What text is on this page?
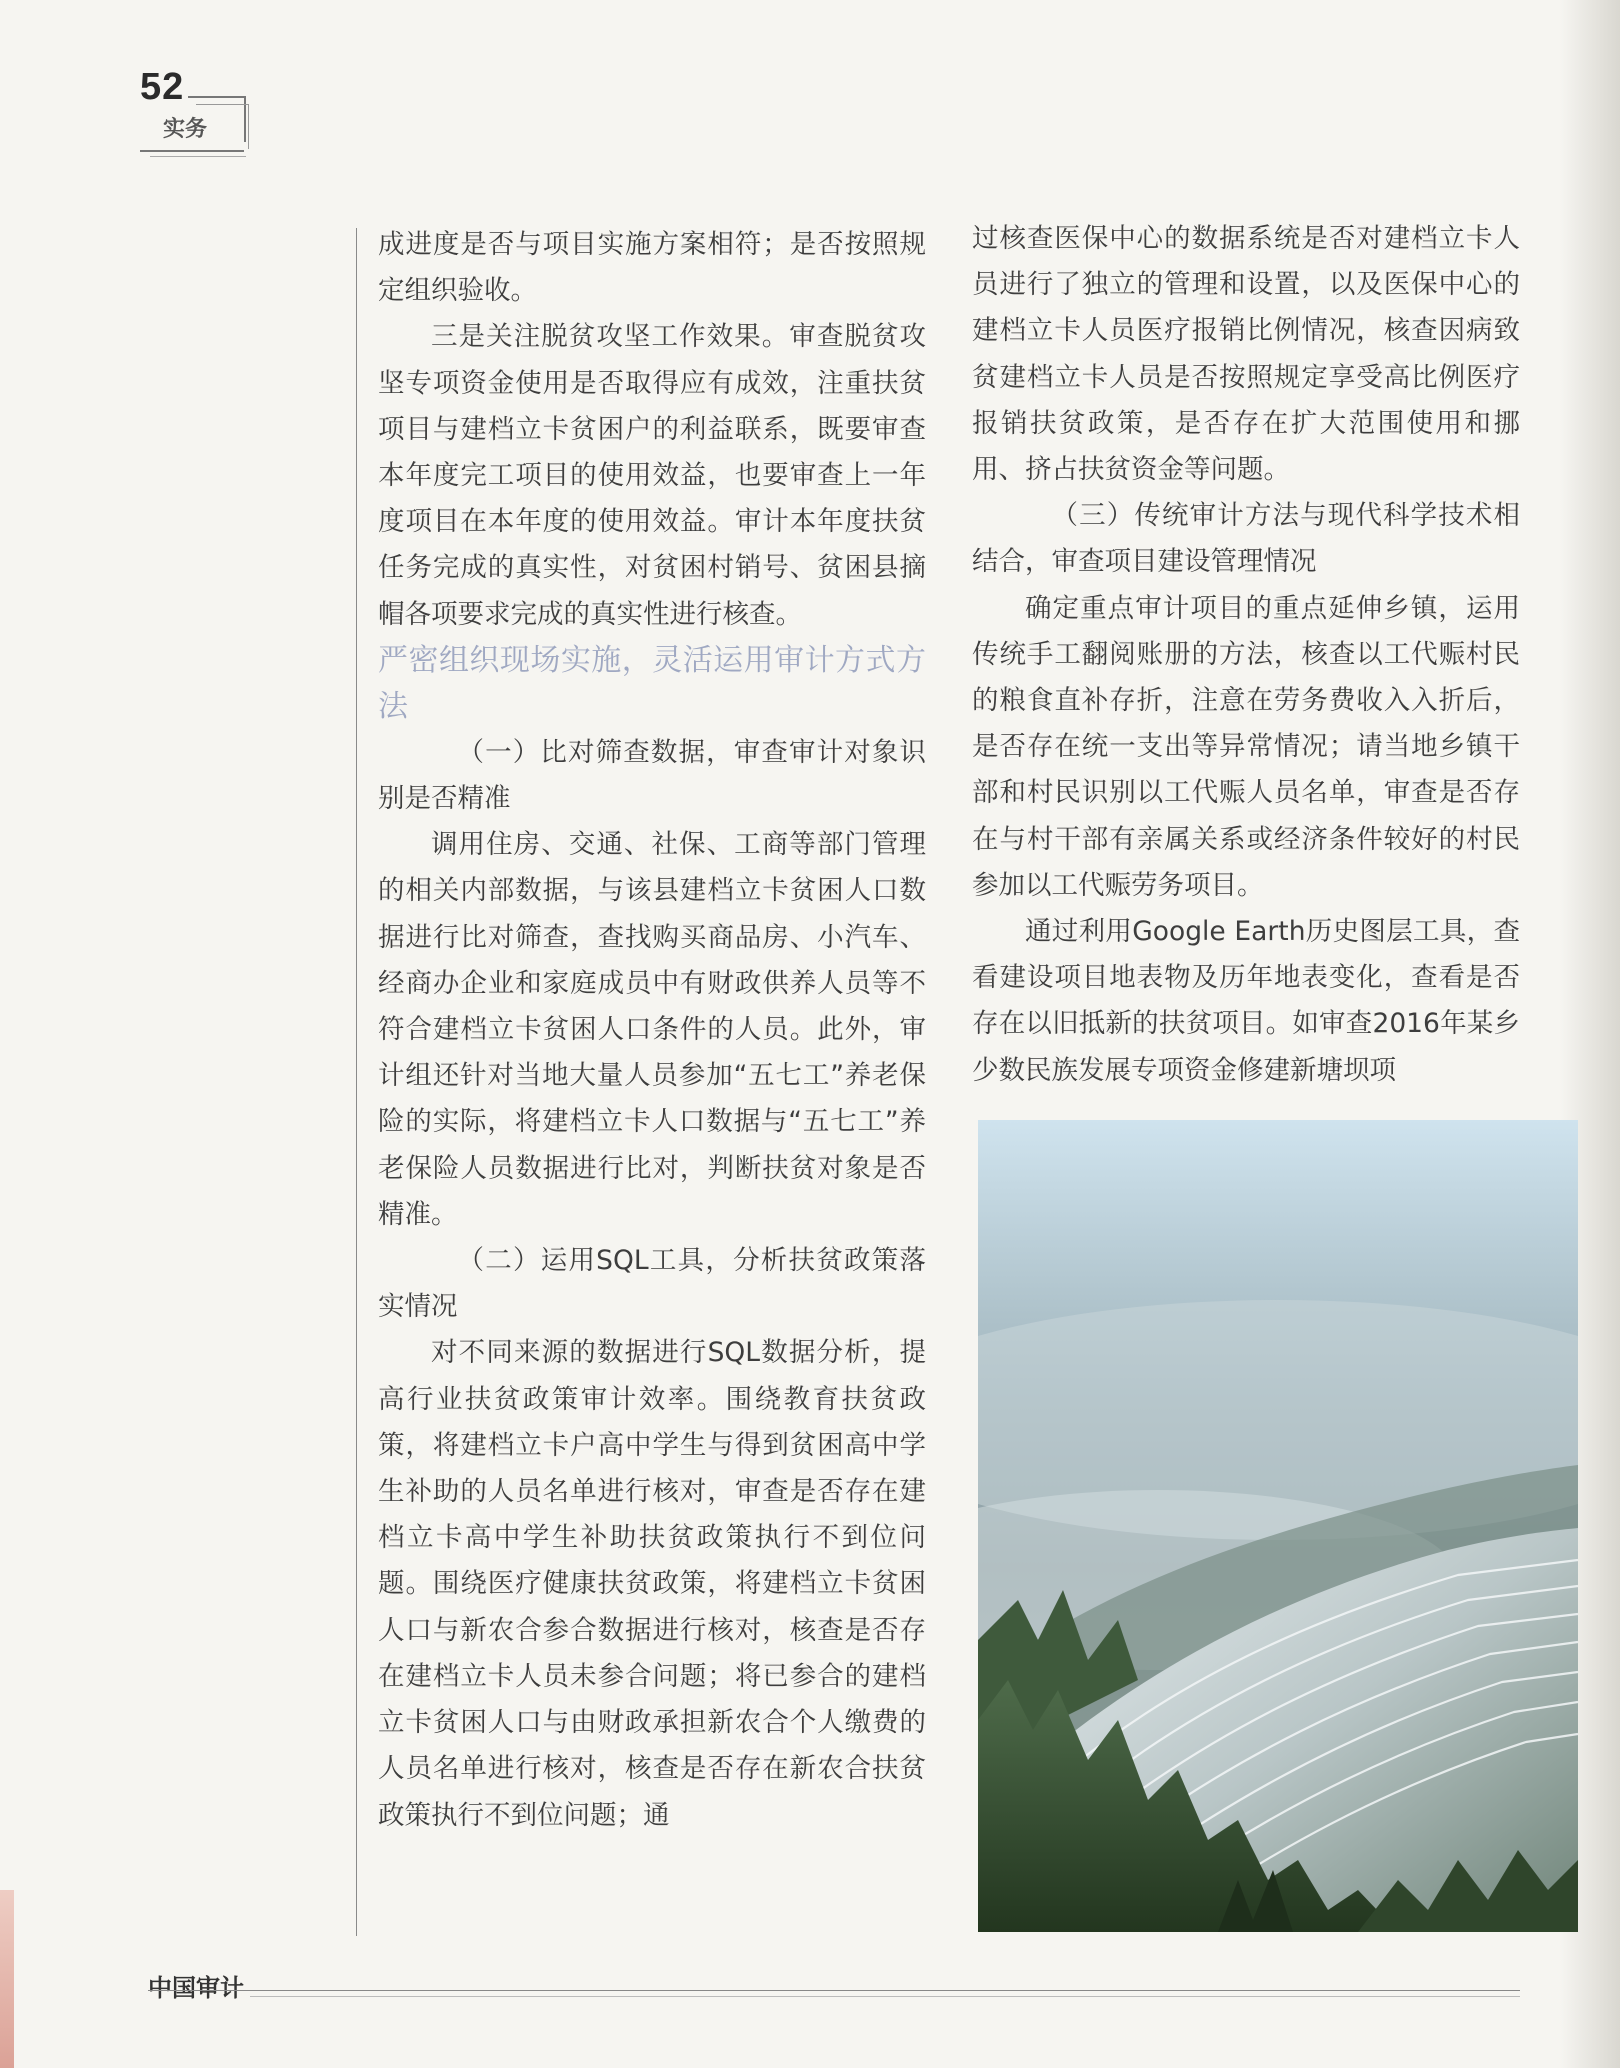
52
实务

成进度是否与项目实施方案相符；是否按照规定组织验收。

三是关注脱贫攻坚工作效果。审查脱贫攻坚专项资金使用是否取得应有成效，注重扶贫项目与建档立卡贫困户的利益联系，既要审查本年度完工项目的使用效益，也要审查上一年度项目在本年度的使用效益。审计本年度扶贫任务完成的真实性，对贫困村销号、贫困县摘帽各项要求完成的真实性进行核查。

严密组织现场实施，灵活运用审计方式方法

（一）比对筛查数据，审查审计对象识别是否精准

调用住房、交通、社保、工商等部门管理的相关内部数据，与该县建档立卡贫困人口数据进行比对筛查，查找购买商品房、小汽车、经商办企业和家庭成员中有财政供养人员等不符合建档立卡贫困人口条件的人员。此外，审计组还针对当地大量人员参加“五七工”养老保险的实际，将建档立卡人口数据与“五七工”养老保险人员数据进行比对，判断扶贫对象是否精准。

（二）运用SQL工具，分析扶贫政策落实情况

对不同来源的数据进行SQL数据分析，提高行业扶贫政策审计效率。围绕教育扶贫政策，将建档立卡户高中学生与得到贫困高中学生补助的人员名单进行核对，审查是否存在建档立卡高中学生补助扶贫政策执行不到位问题。围绕医疗健康扶贫政策，将建档立卡贫困人口与新农合参合数据进行核对，核查是否存在建档立卡人员未参合问题；将已参合的建档立卡贫困人口与由财政承担新农合个人缴费的人员名单进行核对，核查是否存在新农合扶贫政策执行不到位问题；通

过核查医保中心的数据系统是否对建档立卡人员进行了独立的管理和设置，以及医保中心的建档立卡人员医疗报销比例情况，核查因病致贫建档立卡人员是否按照规定享受高比例医疗报销扶贫政策，是否存在扩大范围使用和挪用、挤占扶贫资金等问题。

（三）传统审计方法与现代科学技术相结合，审查项目建设管理情况

确定重点审计项目的重点延伸乡镇，运用传统手工翻阅账册的方法，核查以工代赈村民的粮食直补存折，注意在劳务费收入入折后，是否存在统一支出等异常情况；请当地乡镇干部和村民识别以工代赈人员名单，审查是否存在与村干部有亲属关系或经济条件较好的村民参加以工代赈劳务项目。

通过利用Google Earth历史图层工具，查看建设项目地表物及历年地表变化，查看是否存在以旧抵新的扶贫项目。如审查2016年某乡少数民族发展专项资金修建新塘坝项

中国审计
